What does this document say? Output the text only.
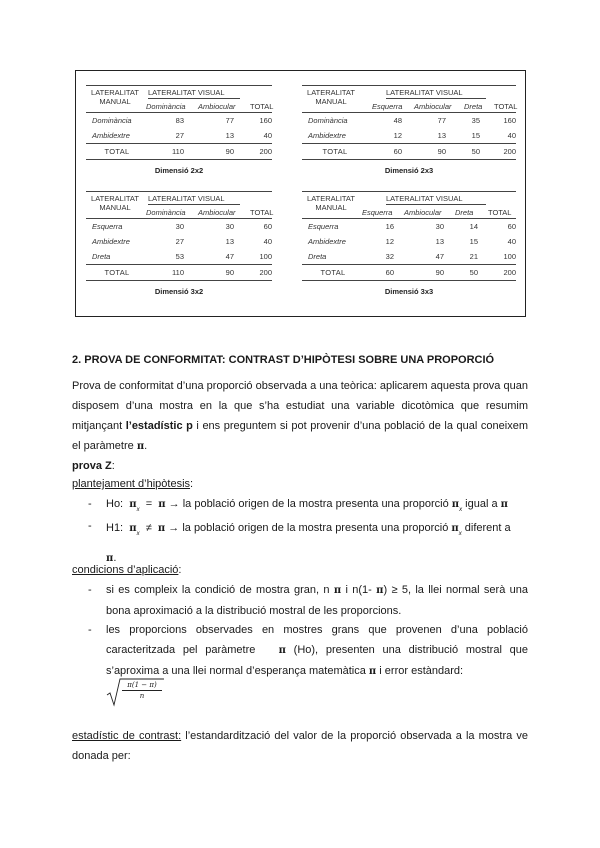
LATERALITAT
MANUAL
LATERALITAT VISUAL
Dominància Ambiocular TOTAL
Dominància	83	77	160
Ambidextre	27	13	40
TOTAL	110	90	200
Dimensió 2x2
LATERALITAT
MANUAL
LATERALITAT VISUAL
Esquerra Ambiocular Dreta TOTAL
Dominància	48	77	35	160
Ambidextre	12	13	15	40
TOTAL	60	90	50	200
Dimensió 2x3
LATERALITAT
MANUAL
LATERALITAT VISUAL
Dominància Ambiocular TOTAL
Esquerra	30	30	60
Ambidextre	27	13	40
Dreta	53	47	100
TOTAL	110	90	200
Dimensió 3x2
LATERALITAT
MANUAL
LATERALITAT VISUAL
Esquerra Ambiocular Dreta TOTAL
Esquerra	16	30	14	60
Ambidextre	12	13	15	40
Dreta	32	47	21	100
TOTAL	60	90	50	200
Dimensió 3x3
2. PROVA DE CONFORMITAT: CONTRAST D’HIPÒTESI SOBRE UNA PROPORCIÓ
Prova de conformitat d’una proporció observada a una teòrica: aplicarem aquesta prova quan disposem d’una mostra en la que s’ha estudiat una variable dicotòmica que resumim mitjançant l’estadístic p i ens preguntem si pot provenir d’una població de la qual coneixem el paràmetre π.
prova Z:
plantejament d’hipòtesis:
- Ho: $\pi_x = \pi$ → la població origen de la mostra presenta una proporció $\pi_x$ igual a π
- H1: $\pi_x \ne \pi$ → la població origen de la mostra presenta una proporció $\pi_x$ diferent a
π.
condicions d’aplicació:
- si es compleix la condició de mostra gran, n π i n(1- π) ≥ 5, la llei normal serà una bona aproximació a la distribució mostral de les proporcions.
- les proporcions observades en mostres grans que provenen d’una població caracteritzada pel paràmetre   π (Ho), presenten una distribució mostral que s’aproxima a una llei normal d’esperança matemàtica π i error estàndard:
$\frac{\pi(1 - \pi)}{n}$
estadístic de contrast: l’estandardització del valor de la proporció observada a la mostra ve donada per:
